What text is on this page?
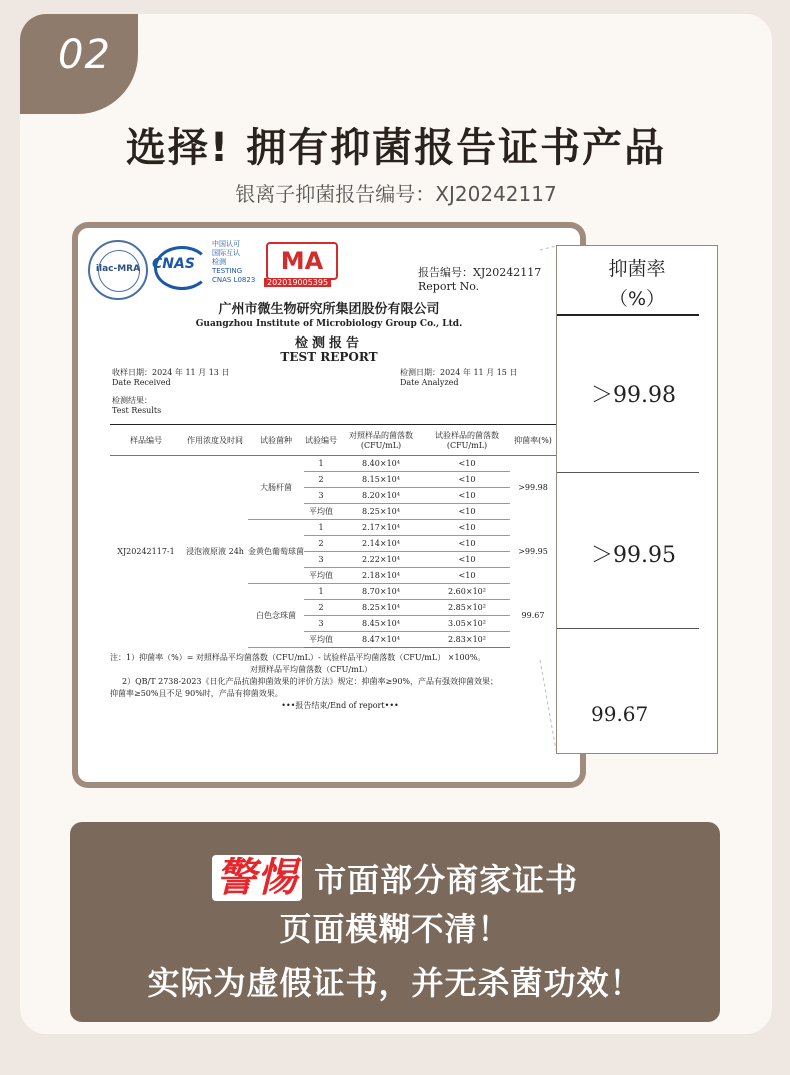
02
选择! 拥有抑菌报告证书产品
银离子抑菌报告编号：XJ20242117
ilac-MRA CNAS
中国认可
国际互认
检测
TESTING
CNAS L0823
MA
202019005395
报告编号：XJ20242117
Report No.
广州市微生物研究所集团股份有限公司
Guangzhou Institute of Microbiology Group Co., Ltd.
检测报告
TEST REPORT
收样日期：2024 年 11 月 13 日
Date Received
检测日期：2024 年 11 月 15 日
Date Analyzed
检测结果：
Test Results
样品编号	作用浓度及时间	试验菌种	试验编号	对照样品的菌落数(CFU/mL)	试验样品的菌落数(CFU/mL)	抑菌率(%)
XJ20242117-1	浸泡液原液 24h	大肠杆菌	1	8.40×10⁴	<10	>99.98
			2	8.15×10⁴	<10	
			3	8.20×10⁴	<10	
			平均值	8.25×10⁴	<10	
		金黄色葡萄球菌	1	2.17×10⁴	<10	>99.95
			2	2.14×10⁴	<10	
			3	2.22×10⁴	<10	
			平均值	2.18×10⁴	<10	
		白色念珠菌	1	8.70×10⁴	2.60×10²	99.67
			2	8.25×10⁴	2.85×10²	
			3	8.45×10⁴	3.05×10²	
			平均值	8.47×10⁴	2.83×10²	
注：1）抑菌率（%）= 对照样品平均菌落数（CFU/mL）- 试验样品平均菌落数（CFU/mL） ×100%。
对照样品平均菌落数（CFU/mL）
2）QB/T 2738-2023《日化产品抗菌抑菌效果的评价方法》规定：抑菌率≥90%，产品有强效抑菌效果；
抑菌率≥50%且不足 90%时，产品有抑菌效果。
•••报告结束/End of report•••
抑菌率
（%）
＞99.98
＞99.95
99.67
警惕 市面部分商家证书
页面模糊不清！
实际为虚假证书，并无杀菌功效！
